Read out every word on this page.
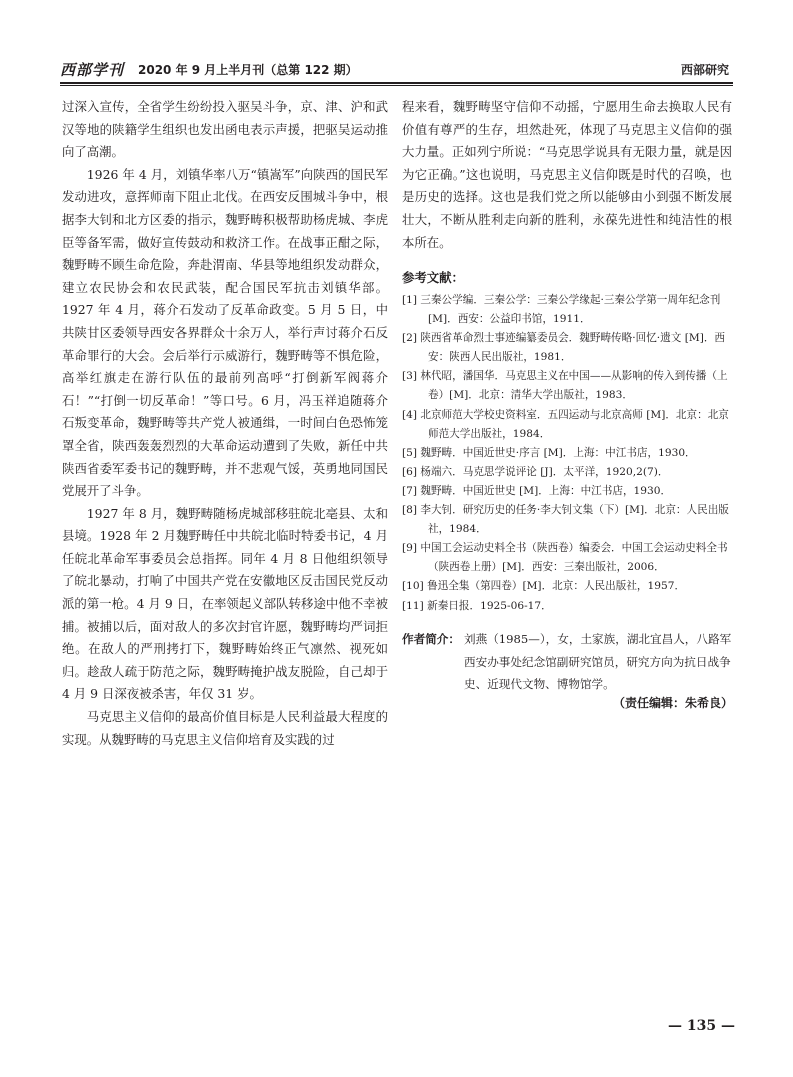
西部学刊 2020 年 9 月上半月刊（总第 122 期）	西部研究

过深入宣传，全省学生纷纷投入驱吴斗争，京、津、沪和武汉等地的陕籍学生组织也发出函电表示声援，把驱吴运动推向了高潮。

1926 年 4 月，刘镇华率八万“镇嵩军”向陕西的国民军发动进攻，意挥师南下阻止北伐。在西安反围城斗争中，根据李大钊和北方区委的指示，魏野畴积极帮助杨虎城、李虎臣等备军需，做好宣传鼓动和救济工作。在战事正酣之际，魏野畴不顾生命危险，奔赴渭南、华县等地组织发动群众，建立农民协会和农民武装，配合国民军抗击刘镇华部。1927 年 4 月，蒋介石发动了反革命政变。5 月 5 日，中共陕甘区委领导西安各界群众十余万人，举行声讨蒋介石反革命罪行的大会。会后举行示威游行，魏野畴等不惧危险，高举红旗走在游行队伍的最前列高呼“打倒新军阀蒋介石！”“打倒一切反革命！”等口号。6 月，冯玉祥追随蒋介石叛变革命，魏野畴等共产党人被通缉，一时间白色恐怖笼罩全省，陕西轰轰烈烈的大革命运动遭到了失败，新任中共陕西省委军委书记的魏野畴，并不悲观气馁，英勇地同国民党展开了斗争。

1927 年 8 月，魏野畴随杨虎城部移驻皖北亳县、太和县境。1928 年 2 月魏野畴任中共皖北临时特委书记，4 月任皖北革命军事委员会总指挥。同年 4 月 8 日他组织领导了皖北暴动，打响了中国共产党在安徽地区反击国民党反动派的第一枪。4 月 9 日，在率领起义部队转移途中他不幸被捕。被捕以后，面对敌人的多次封官许愿，魏野畴均严词拒绝。在敌人的严刑拷打下，魏野畴始终正气凛然、视死如归。趁敌人疏于防范之际，魏野畴掩护战友脱险，自己却于 4 月 9 日深夜被杀害，年仅 31 岁。

马克思主义信仰的最高价值目标是人民利益最大程度的实现。从魏野畴的马克思主义信仰培育及实践的过

程来看，魏野畴坚守信仰不动摇，宁愿用生命去换取人民有价值有尊严的生存，坦然赴死，体现了马克思主义信仰的强大力量。正如列宁所说：“马克思学说具有无限力量，就是因为它正确。”这也说明，马克思主义信仰既是时代的召唤，也是历史的选择。这也是我们党之所以能够由小到强不断发展壮大，不断从胜利走向新的胜利，永葆先进性和纯洁性的根本所在。

参考文献：
[1] 三秦公学编．三秦公学：三秦公学缘起·三秦公学第一周年纪念刊 [M]．西安：公益印书馆，1911．
[2] 陕西省革命烈士事迹编纂委员会．魏野畴传略·回忆·遗文 [M]．西安：陕西人民出版社，1981．
[3] 林代昭，潘国华．马克思主义在中国——从影响的传入到传播（上卷）[M]．北京：清华大学出版社，1983．
[4] 北京师范大学校史资料室．五四运动与北京高师 [M]．北京：北京师范大学出版社，1984．
[5] 魏野畴．中国近世史·序言 [M]．上海：中江书店，1930．
[6] 杨端六．马克思学说评论 [J]．太平洋，1920,2(7)．
[7] 魏野畴．中国近世史 [M]．上海：中江书店，1930．
[8] 李大钊．研究历史的任务·李大钊文集（下）[M]．北京：人民出版社，1984．
[9] 中国工会运动史料全书（陕西卷）编委会．中国工会运动史料全书（陕西卷上册）[M]．西安：三秦出版社，2006．
[10] 鲁迅全集（第四卷）[M]．北京：人民出版社，1957．
[11] 新秦日报．1925-06-17．
作者简介： 刘燕（1985—），女，土家族，湖北宜昌人，八路军西安办事处纪念馆副研究馆员，研究方向为抗日战争史、近现代文物、博物馆学。
（责任编辑：朱希良）
— 135 —
